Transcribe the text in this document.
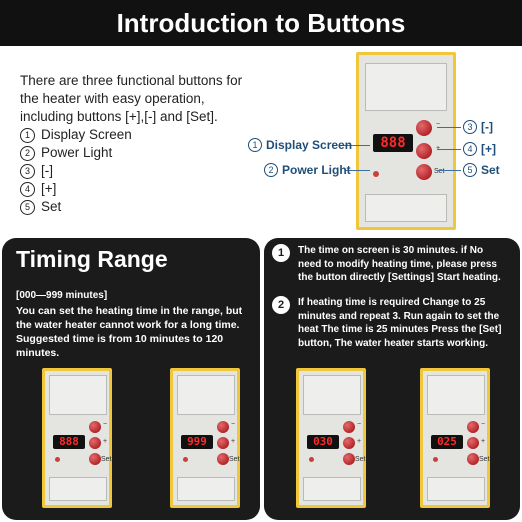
Introduction to Buttons
There are three functional buttons for the heater with easy operation, including buttons [+],[-] and [Set].
1 Display Screen
2 Power Light
3 [-]
4 [+]
5 Set
888
−
+
Set
1 Display Screen
2 Power Light
3 [-]
4 [+]
5 Set
Timing Range
[000—999 minutes]
You can set the heating time in the range, but the water heater cannot work for a long time. Suggested time is from 10 minutes to 120 minutes.
888
−
+
Set
999
−
+
Set
1	The time on screen is 30 minutes. if No need to modify heating time, please press the button directly [Settings] Start heating.
2	If heating time is required Change to 25 minutes and repeat 3. Run again to set the heat The time is 25 minutes Press the [Set] button, The water heater starts working.
030
−
+
Set
025
−
+
Set
